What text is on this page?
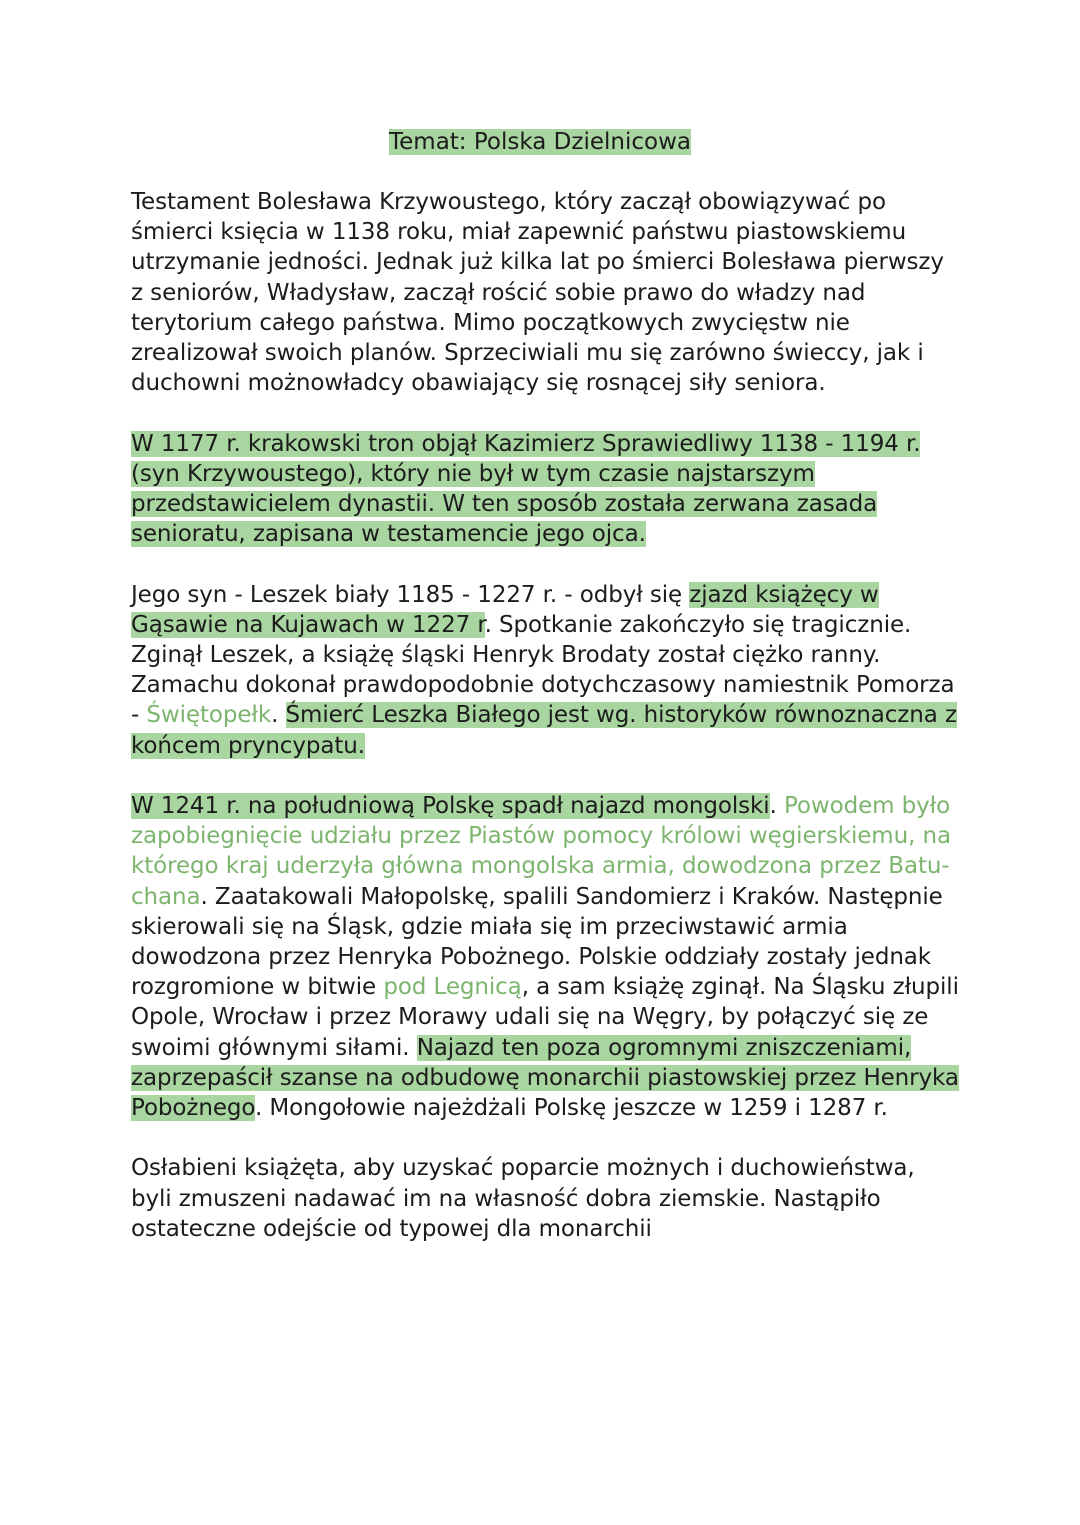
Temat: Polska Dzielnicowa

Testament Bolesława Krzywoustego, który zaczął obowiązywać po śmierci księcia w 1138 roku, miał zapewnić państwu piastowskiemu utrzymanie jedności. Jednak już kilka lat po śmierci Bolesława pierwszy z seniorów, Władysław, zaczął rościć sobie prawo do władzy nad terytorium całego państwa. Mimo początkowych zwycięstw nie zrealizował swoich planów. Sprzeciwiali mu się zarówno świeccy, jak i duchowni możnowładcy obawiający się rosnącej siły seniora.

W 1177 r. krakowski tron objął Kazimierz Sprawiedliwy 1138 - 1194 r. (syn Krzywoustego), który nie był w tym czasie najstarszym przedstawicielem dynastii. W ten sposób została zerwana zasada senioratu, zapisana w testamencie jego ojca.

Jego syn - Leszek biały 1185 - 1227 r. - odbył się zjazd książęcy w Gąsawie na Kujawach w 1227 r. Spotkanie zakończyło się tragicznie. Zginął Leszek, a książę śląski Henryk Brodaty został ciężko ranny. Zamachu dokonał prawdopodobnie dotychczasowy namiestnik Pomorza - Świętopełk. Śmierć Leszka Białego jest wg. historyków równoznaczna z końcem pryncypatu.

W 1241 r. na południową Polskę spadł najazd mongolski. Powodem było zapobiegnięcie udziału przez Piastów pomocy królowi węgierskiemu, na którego kraj uderzyła główna mongolska armia, dowodzona przez Batu-chana. Zaatakowali Małopolskę, spalili Sandomierz i Kraków. Następnie skierowali się na Śląsk, gdzie miała się im przeciwstawić armia dowodzona przez Henryka Pobożnego. Polskie oddziały zostały jednak rozgromione w bitwie pod Legnicą, a sam książę zginął. Na Śląsku złupili Opole, Wrocław i przez Morawy udali się na Węgry, by połączyć się ze swoimi głównymi siłami. Najazd ten poza ogromnymi zniszczeniami, zaprzepaścił szanse na odbudowę monarchii piastowskiej przez Henryka Pobożnego. Mongołowie najeżdżali Polskę jeszcze w 1259 i 1287 r.

Osłabieni książęta, aby uzyskać poparcie możnych i duchowieństwa, byli zmuszeni nadawać im na własność dobra ziemskie. Nastąpiło ostateczne odejście od typowej dla monarchii
